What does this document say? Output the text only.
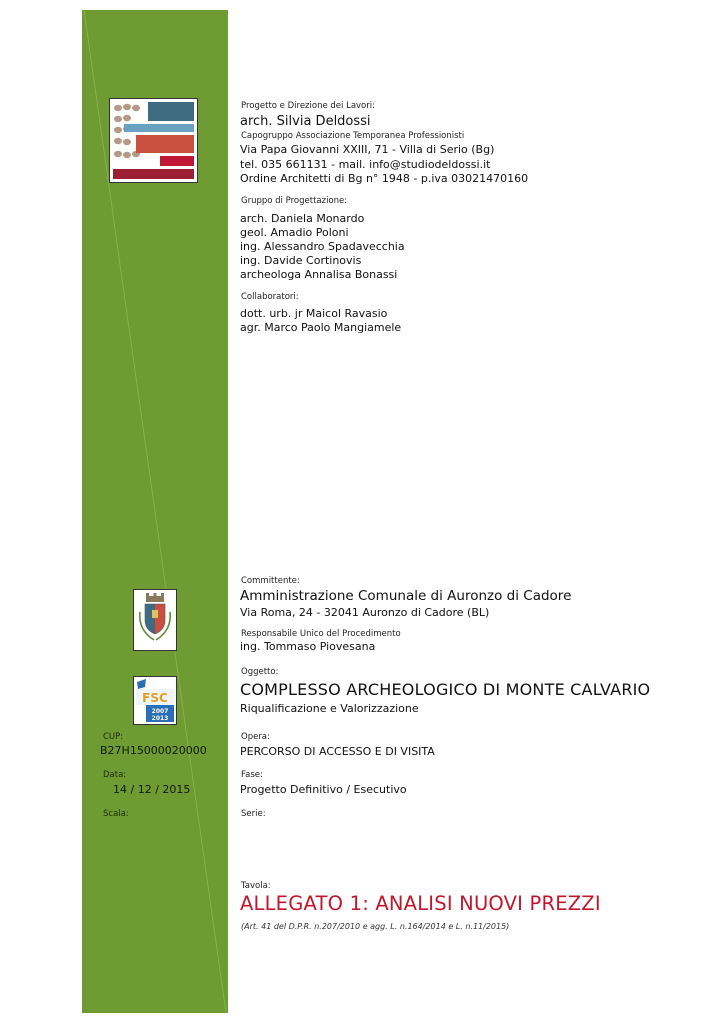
Progetto e Direzione dei Lavori:
arch. Silvia Deldossi
Capogruppo Associazione Temporanea Professionisti
Via Papa Giovanni XXIII, 71 - Villa di Serio (Bg)
tel. 035 661131 - mail. info@studiodeldossi.it
Ordine Architetti di Bg n° 1948 - p.iva 03021470160
Gruppo di Progettazione:
arch. Daniela Monardo
geol. Amadio Poloni
ing. Alessandro Spadavecchia
ing. Davide Cortinovis
archeologa Annalisa Bonassi
Collaboratori:
dott. urb. jr Maicol Ravasio
agr. Marco Paolo Mangiamele
FSC
2007
2013
Committente:
Amministrazione Comunale di Auronzo di Cadore
Via Roma, 24 - 32041 Auronzo di Cadore (BL)
Responsabile Unico del Procedimento
ing. Tommaso Piovesana
Oggetto:
COMPLESSO ARCHEOLOGICO DI MONTE CALVARIO
Riqualificazione e Valorizzazione
CUP:
B27H15000020000
Data:
14 / 12 / 2015
Scala:
Opera:
PERCORSO DI ACCESSO E DI VISITA
Fase:
Progetto Definitivo / Esecutivo
Serie:
Tavola:
ALLEGATO 1: ANALISI NUOVI PREZZI
(Art. 41 del D.P.R. n.207/2010 e agg. L. n.164/2014 e L. n.11/2015)
